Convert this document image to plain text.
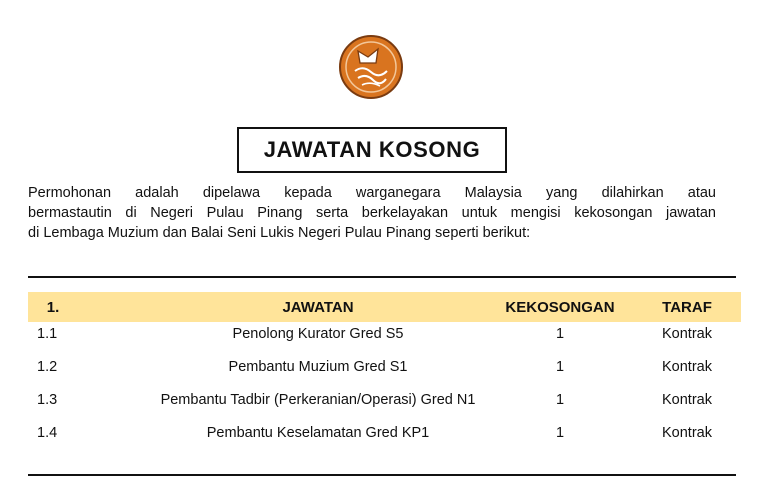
JAWATAN KOSONG
Permohonan adalah dipelawa kepada warganegara Malaysia yang dilahirkan atau
bermastautin di Negeri Pulau Pinang serta berkelayakan untuk mengisi kekosongan jawatan
di Lembaga Muzium dan Balai Seni Lukis Negeri Pulau Pinang seperti berikut:
1.	JAWATAN	KEKOSONGAN	TARAF
1.1	Penolong Kurator Gred S5	1	Kontrak
1.2	Pembantu Muzium Gred S1	1	Kontrak
1.3	Pembantu Tadbir (Perkeranian/Operasi) Gred N1	1	Kontrak
1.4	Pembantu Keselamatan Gred KP1	1	Kontrak
